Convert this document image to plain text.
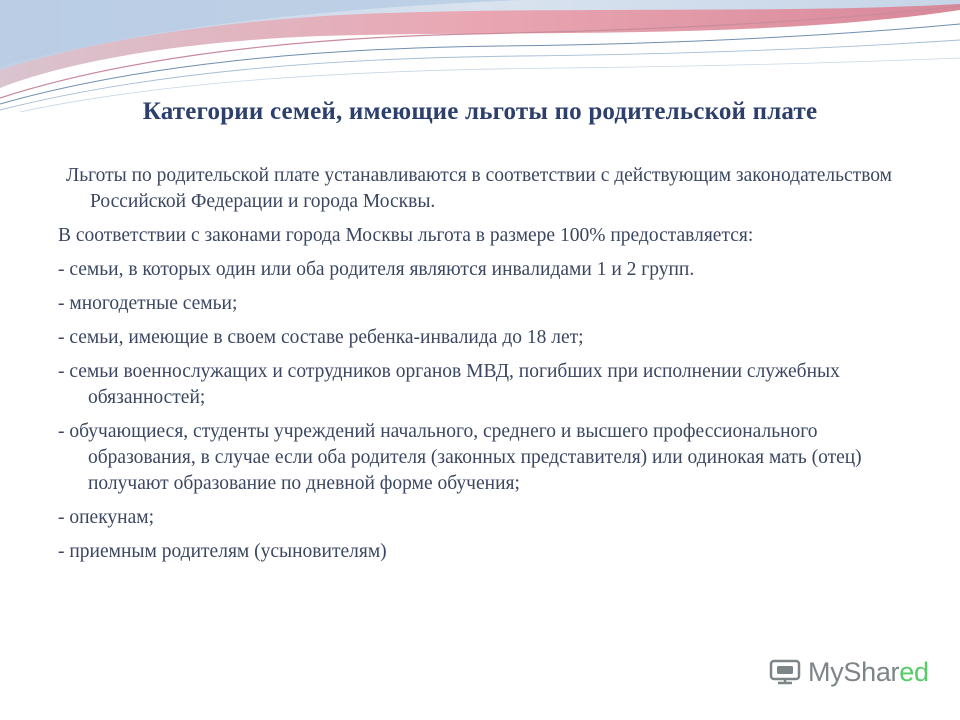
Категории семей, имеющие льготы по родительской плате

Льготы по родительской плате устанавливаются в соответствии с действующим законодательством Российской Федерации и города Москвы.

В соответствии с законами города Москвы льгота в размере 100% предоставляется:

- семьи, в которых один или оба родителя являются инвалидами 1 и 2 групп.

- многодетные семьи;

- семьи, имеющие в своем составе ребенка-инвалида до 18 лет;

- семьи военнослужащих и сотрудников органов МВД, погибших при исполнении служебных обязанностей;

- обучающиеся, студенты учреждений начального, среднего и высшего профессионального образования, в случае если оба родителя (законных представителя) или одинокая мать (отец) получают образование по дневной форме обучения;

- опекунам;

- приемным родителям (усыновителям)

MyShared
